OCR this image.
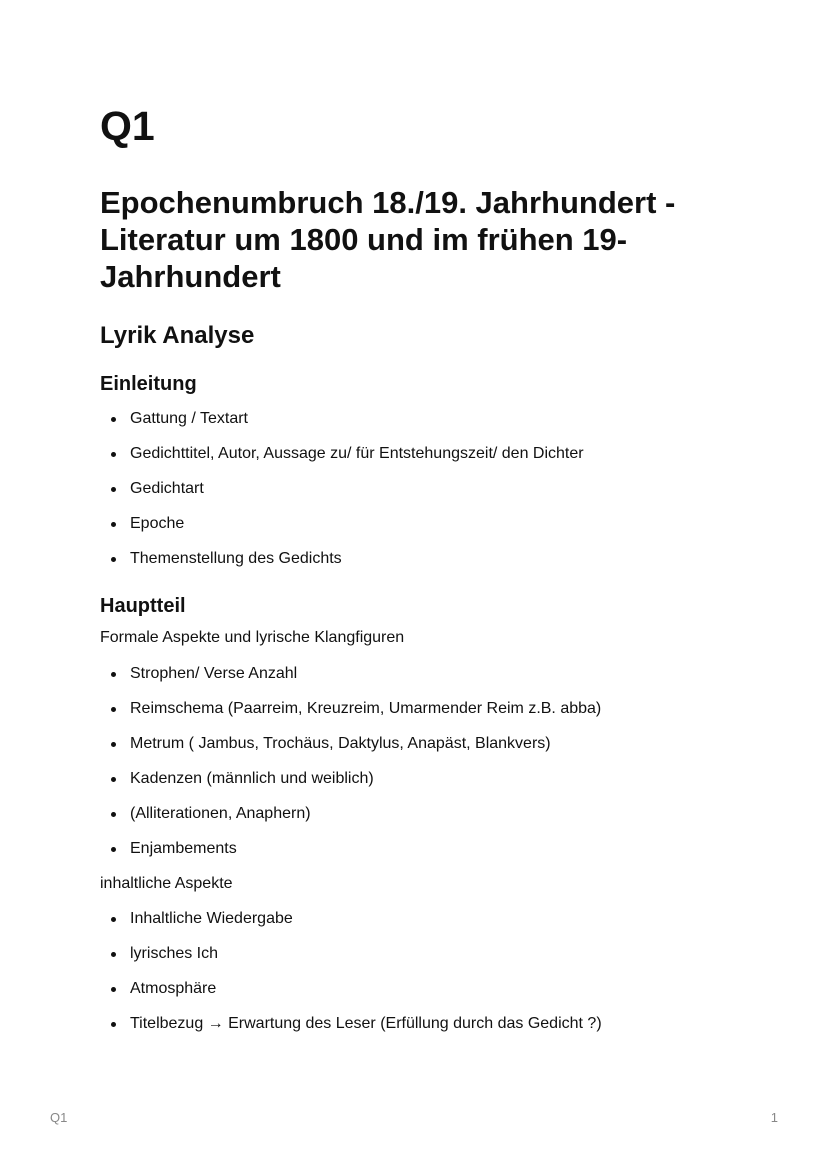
Q1
Epochenumbruch 18./19. Jahrhundert - Literatur um 1800 und im frühen 19-Jahrhundert
Lyrik Analyse
Einleitung
Gattung / Textart
Gedichttitel, Autor, Aussage zu/ für Entstehungszeit/ den Dichter
Gedichtart
Epoche
Themenstellung des Gedichts
Hauptteil

Formale Aspekte und lyrische Klangfiguren

Strophen/ Verse Anzahl
Reimschema (Paarreim, Kreuzreim, Umarmender Reim z.B. abba)
Metrum ( Jambus, Trochäus, Daktylus, Anapäst, Blankvers)
Kadenzen (männlich und weiblich)
(Alliterationen, Anaphern)
Enjambements

inhaltliche Aspekte

Inhaltliche Wiedergabe
lyrisches Ich
Atmosphäre
Titelbezug → Erwartung des Leser (Erfüllung durch das Gedicht ?)
Q1	1
